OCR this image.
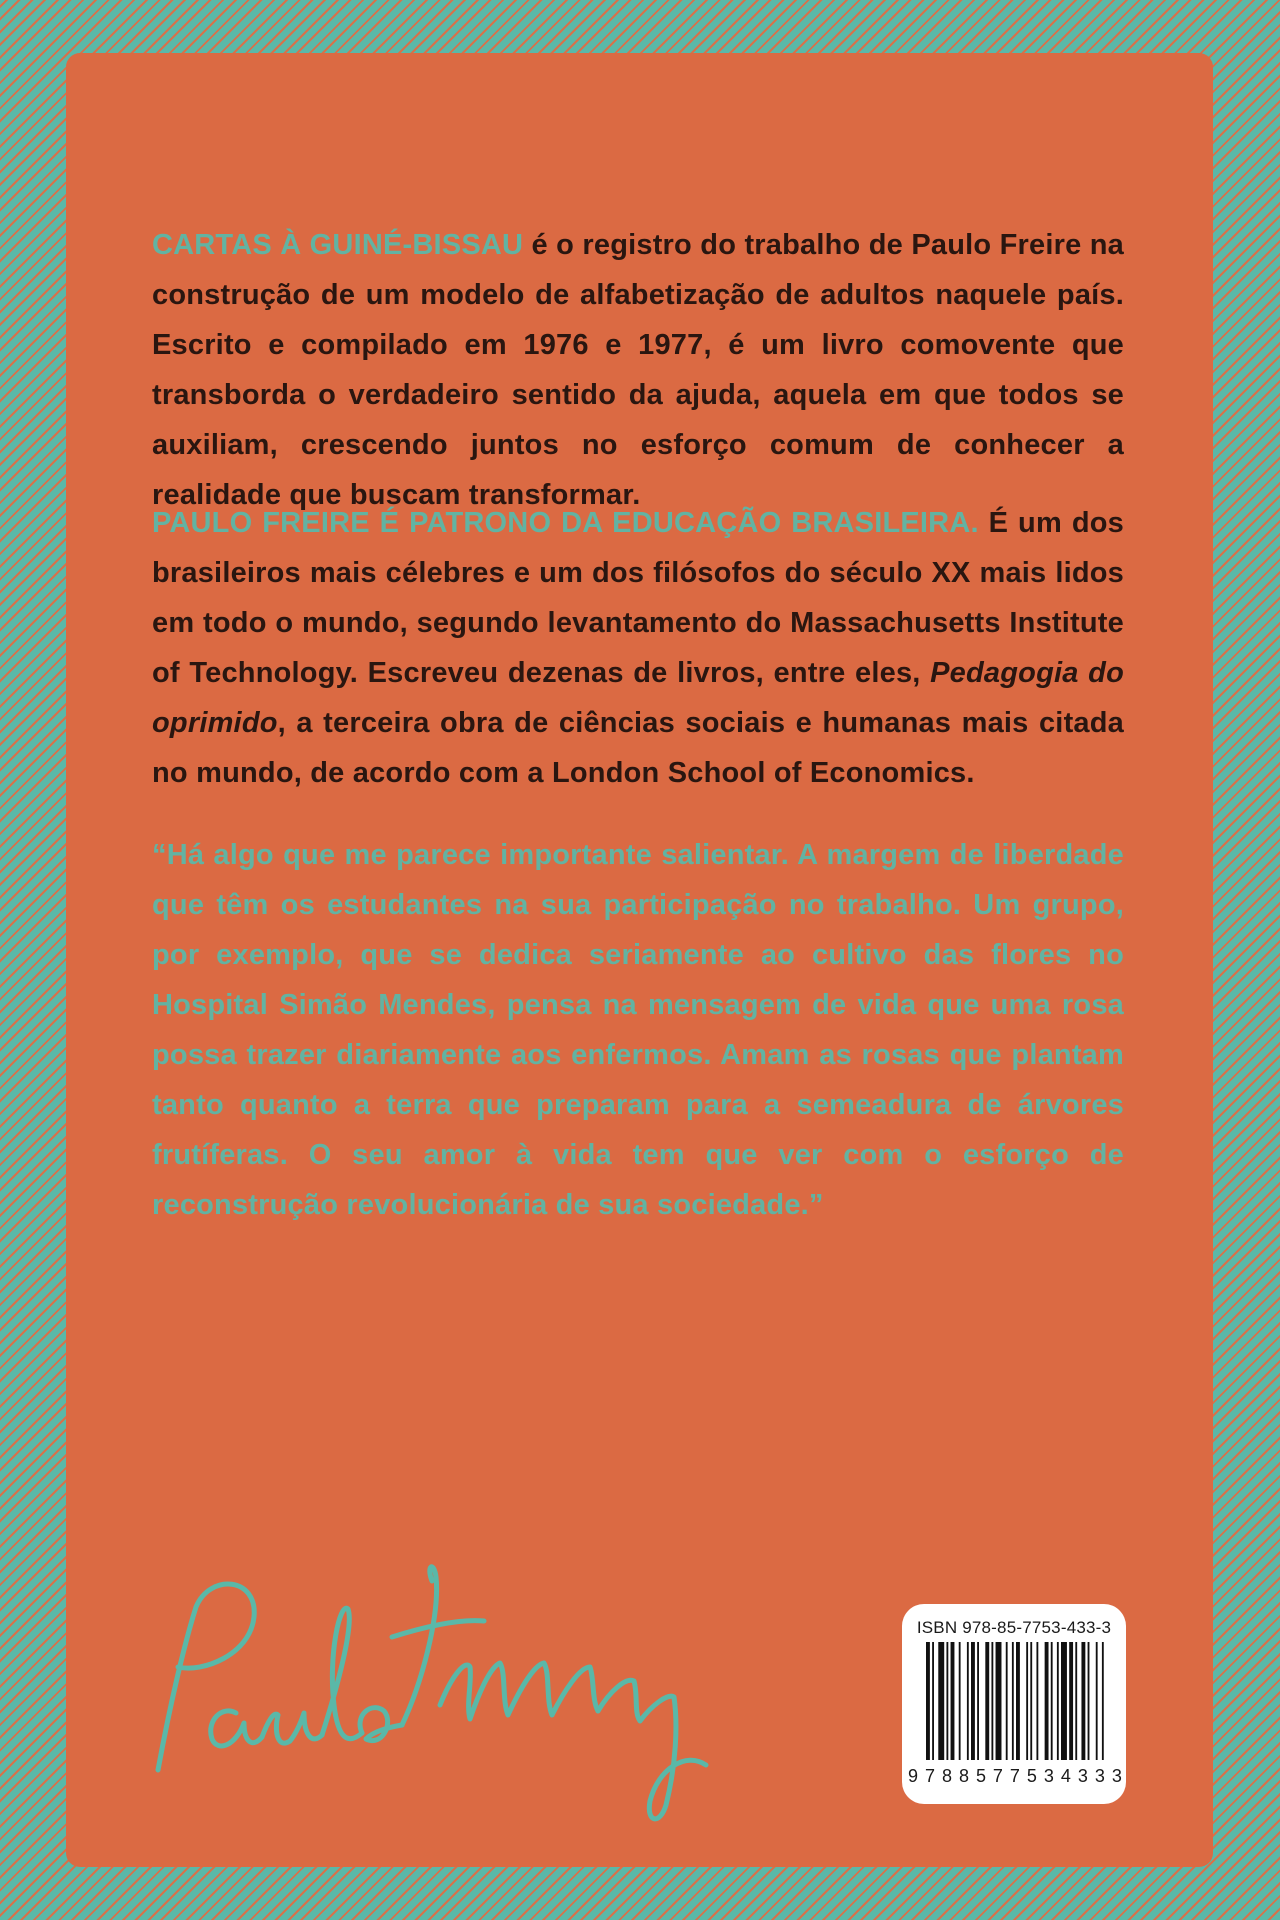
CARTAS À GUINÉ-BISSAU é o registro do trabalho de Paulo Freire na construção de um modelo de alfabetização de adultos naquele país. Escrito e compilado em 1976 e 1977, é um livro comovente que transborda o verdadeiro sentido da ajuda, aquela em que todos se auxiliam, crescendo juntos no esforço comum de conhecer a realidade que buscam transformar.
PAULO FREIRE É PATRONO DA EDUCAÇÃO BRASILEIRA. É um dos brasileiros mais célebres e um dos filósofos do século XX mais lidos em todo o mundo, segundo levantamento do Massachusetts Institute of Technology. Escreveu dezenas de livros, entre eles, Pedagogia do oprimido, a terceira obra de ciências sociais e humanas mais citada no mundo, de acordo com a London School of Economics.
“Há algo que me parece importante salientar. A margem de liberdade que têm os estudantes na sua participação no trabalho. Um grupo, por exemplo, que se dedica seriamente ao cultivo das flores no Hospital Simão Mendes, pensa na mensagem de vida que uma rosa possa trazer diariamente aos enfermos. Amam as rosas que plantam tanto quanto a terra que preparam para a semeadura de árvores frutíferas. O seu amor à vida tem que ver com o esforço de reconstrução revolucionária de sua sociedade.”
ISBN 978-85-7753-433-3
9 7 8 8 5 7 7 5 3 4 3 3 3
